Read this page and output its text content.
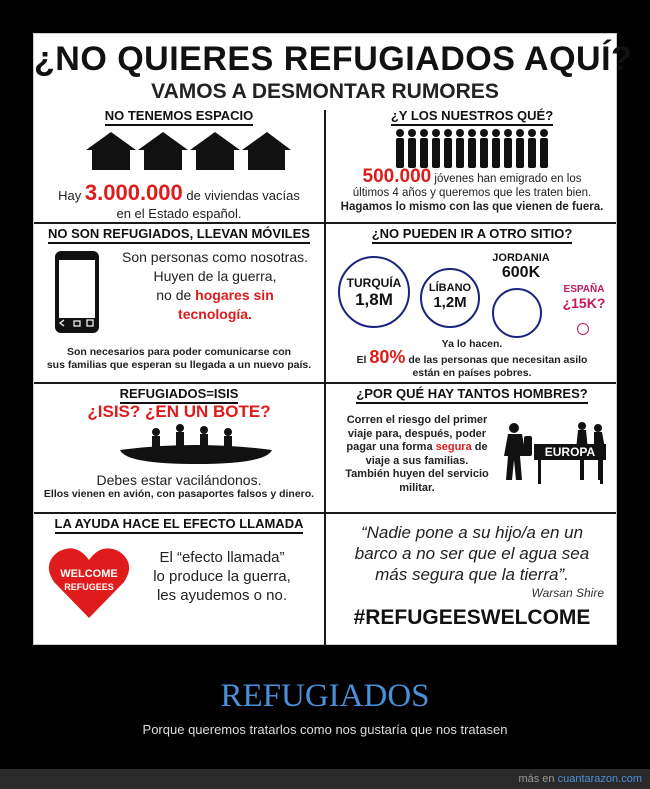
¿NO QUIERES REFUGIADOS AQUÍ?
VAMOS A DESMONTAR RUMORES
NO TENEMOS ESPACIO
Hay 3.000.000 de viviendas vacías
en el Estado español.
¿Y LOS NUESTROS QUÉ?
500.000 jóvenes han emigrado en los
últimos 4 años y queremos que les traten bien.
Hagamos lo mismo con las que vienen de fuera.
NO SON REFUGIADOS, LLEVAN MÓVILES
Son personas como nosotras.
Huyen de la guerra,
no de hogares sin
tecnología.
Son necesarios para poder comunicarse con
sus familias que esperan su llegada a un nuevo país.
¿NO PUEDEN IR A OTRO SITIO?
TURQUÍA
1,8M
LÍBANO
1,2M
JORDANIA
600K
ESPAÑA
¿15K?
Ya lo hacen.
El 80% de las personas que necesitan asilo
están en países pobres.
REFUGIADOS=ISIS
¿ISIS? ¿EN UN BOTE?
Debes estar vacilándonos.
Ellos vienen en avión, con pasaportes falsos y dinero.
¿POR QUÉ HAY TANTOS HOMBRES?
Corren el riesgo del primer
viaje para, después, poder
pagar una forma segura de
viaje a sus familias.
También huyen del servicio
militar.
EUROPA
LA AYUDA HACE EL EFECTO LLAMADA
WELCOME
REFUGEES
El “efecto llamada”
lo produce la guerra,
les ayudemos o no.
“Nadie pone a su hijo/a en un
barco a no ser que el agua sea
más segura que la tierra”.
Warsan Shire
#REFUGEESWELCOME
REFUGIADOS
Porque queremos tratarlos como nos gustaría que nos tratasen
más en cuantarazon.com
